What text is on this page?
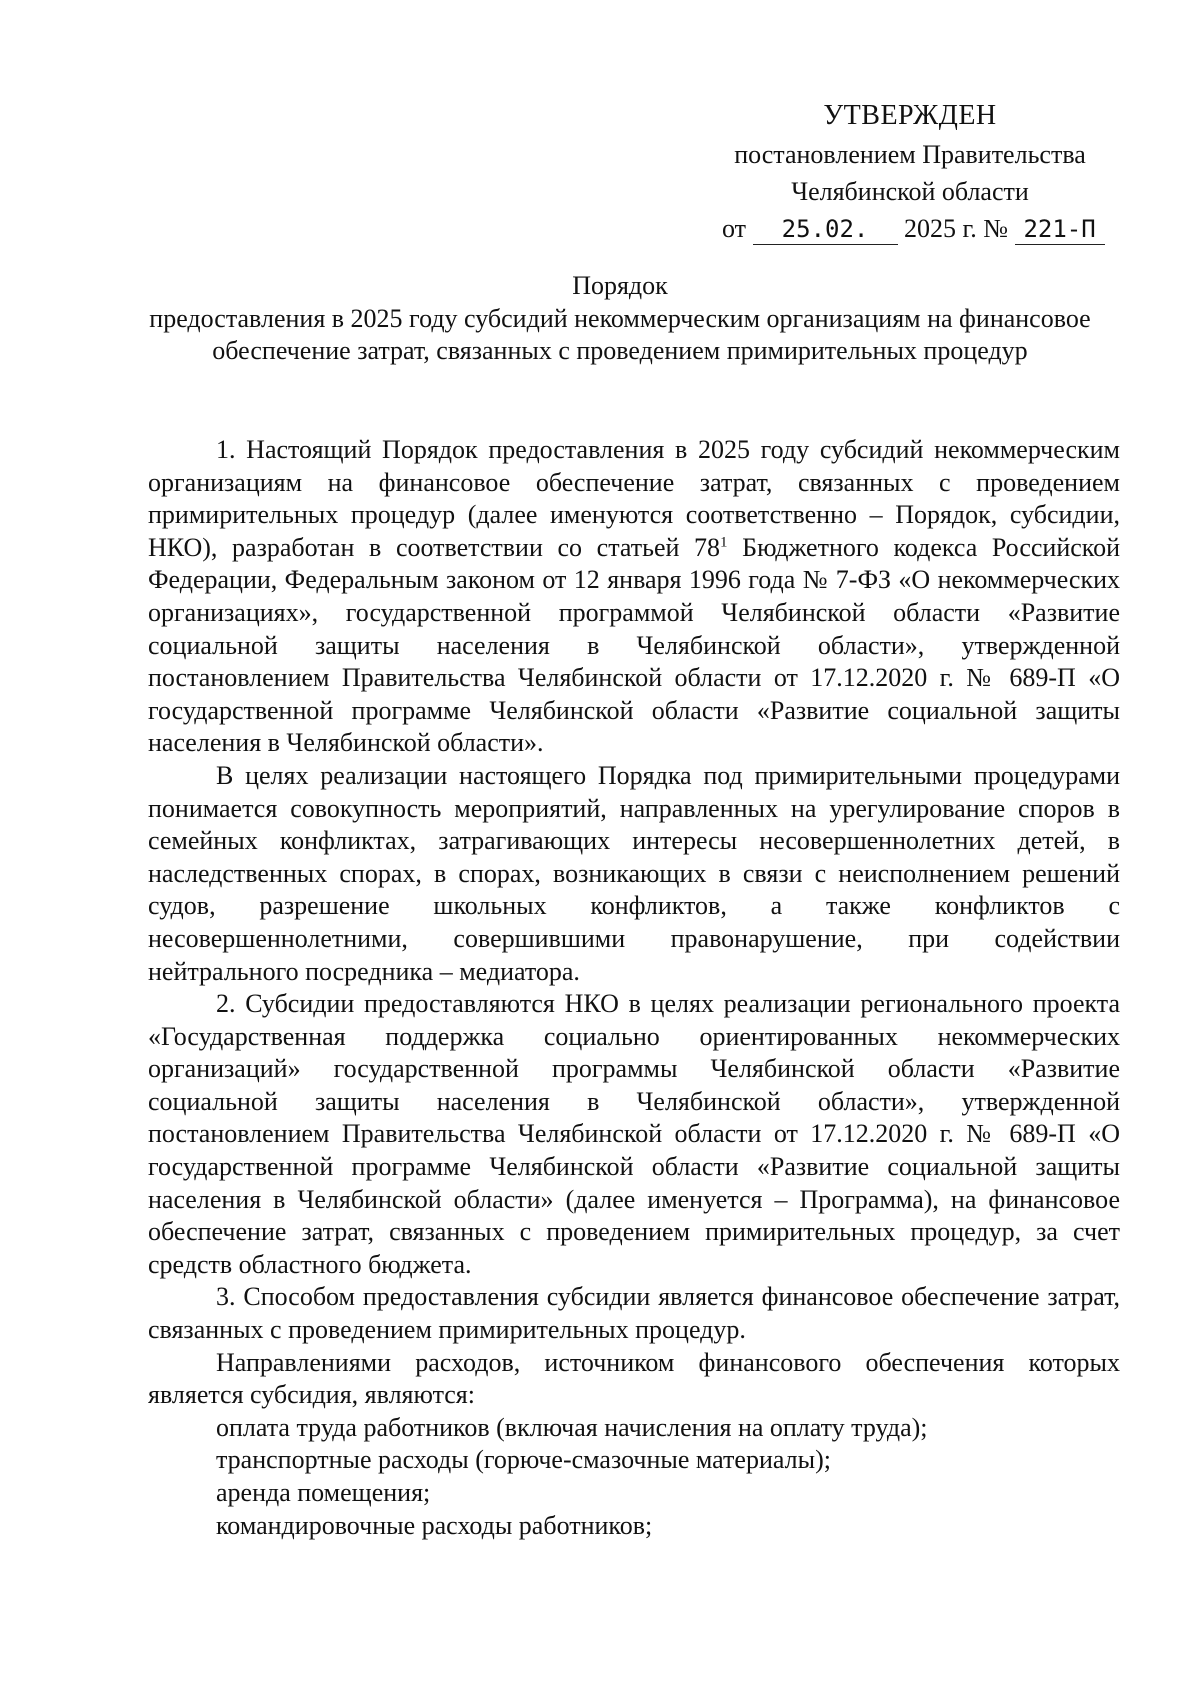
УТВЕРЖДЕН
постановлением Правительства
Челябинской области
от 25.02. 2025 г. № 221-П
Порядок
предоставления в 2025 году субсидий некоммерческим организациям на финансовое обеспечение затрат, связанных с проведением примирительных процедур

1. Настоящий Порядок предоставления в 2025 году субсидий некоммерческим организациям на финансовое обеспечение затрат, связанных с проведением примирительных процедур (далее именуются соответственно – Порядок, субсидии, НКО), разработан в соответствии со статьей $78^1$ Бюджетного кодекса Российской Федерации, Федеральным законом от 12 января 1996 года № 7-ФЗ «О некоммерческих организациях», государственной программой Челябинской области «Развитие социальной защиты населения в Челябинской области», утвержденной постановлением Правительства Челябинской области от 17.12.2020 г. № 689-П «О государственной программе Челябинской области «Развитие социальной защиты населения в Челябинской области».

В целях реализации настоящего Порядка под примирительными процедурами понимается совокупность мероприятий, направленных на урегулирование споров в семейных конфликтах, затрагивающих интересы несовершеннолетних детей, в наследственных спорах, в спорах, возникающих в связи с неисполнением решений судов, разрешение школьных конфликтов, а также конфликтов с несовершеннолетними, совершившими правонарушение, при содействии нейтрального посредника – медиатора.

2. Субсидии предоставляются НКО в целях реализации регионального проекта «Государственная поддержка социально ориентированных некоммерческих организаций» государственной программы Челябинской области «Развитие социальной защиты населения в Челябинской области», утвержденной постановлением Правительства Челябинской области от 17.12.2020 г. № 689-П «О государственной программе Челябинской области «Развитие социальной защиты населения в Челябинской области» (далее именуется – Программа), на финансовое обеспечение затрат, связанных с проведением примирительных процедур, за счет средств областного бюджета.

3. Способом предоставления субсидии является финансовое обеспечение затрат, связанных с проведением примирительных процедур.

Направлениями расходов, источником финансового обеспечения которых является субсидия, являются:

оплата труда работников (включая начисления на оплату труда);

транспортные расходы (горюче-смазочные материалы);

аренда помещения;

командировочные расходы работников;
